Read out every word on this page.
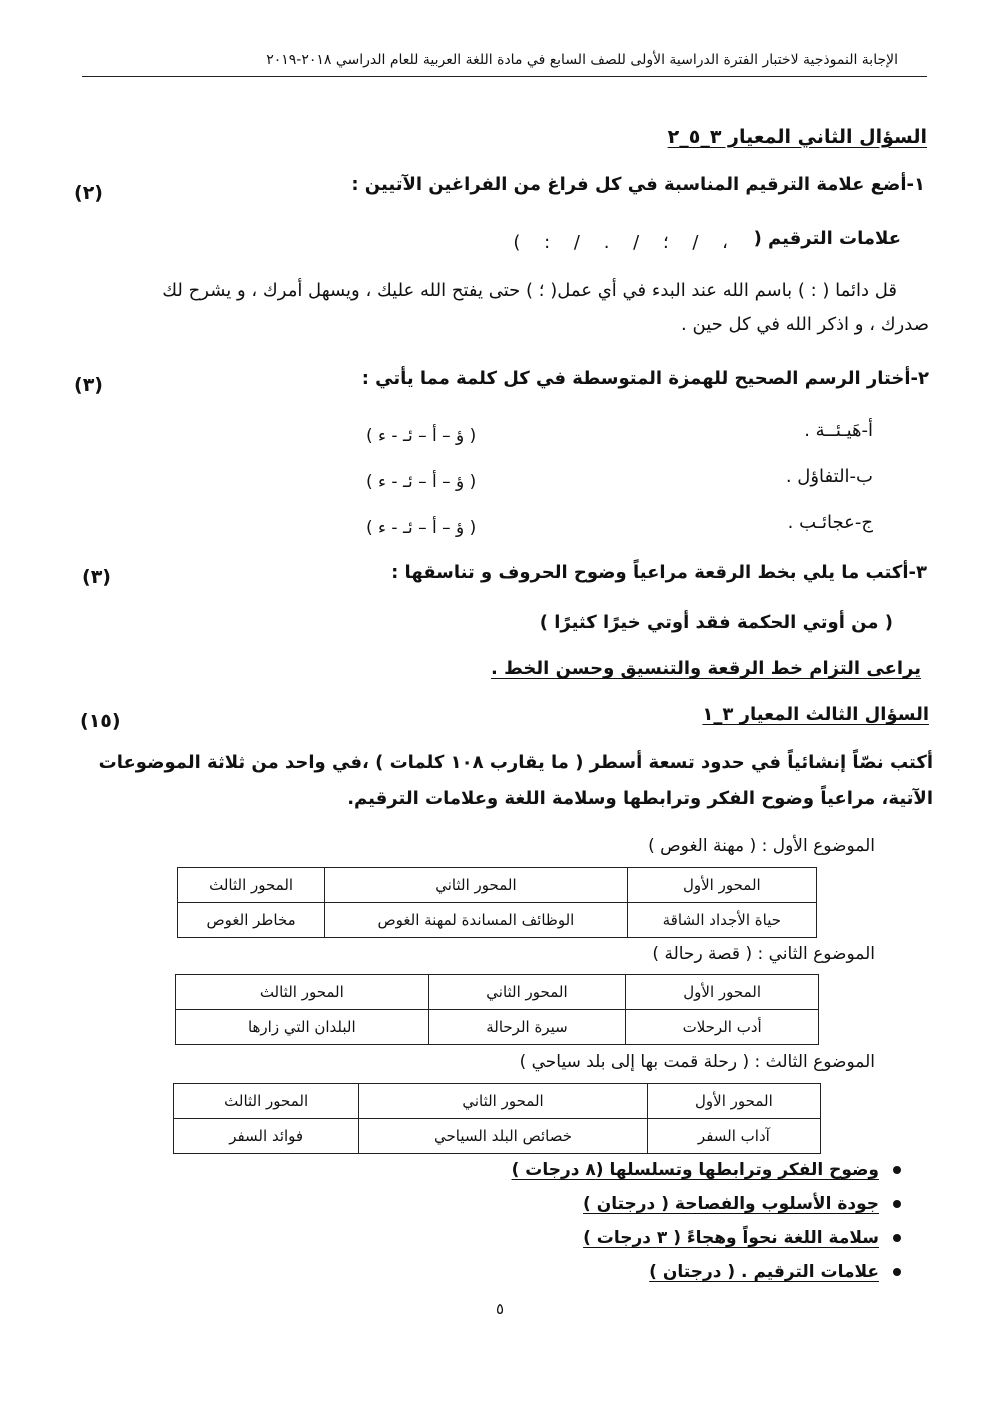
الإجابة النموذجية لاختبار الفترة الدراسية الأولى للصف السابع في مادة اللغة العربية للعام الدراسي ٢٠١٨-٢٠١٩
السؤال الثاني المعيار ٣_٥_٢
١-أضع علامة الترقيم المناسبة في كل فراغ من الفراغين الآتيين :
(٢)
علامات الترقيم (
، / ؛ / . / : )
قل دائما ( : ) باسم الله عند البدء في أي عمل( ؛ ) حتى يفتح الله عليك ، ويسهل أمرك ، و يشرح لك
صدرك ، و اذكر الله في كل حين .
٢-أختار الرسم الصحيح للهمزة المتوسطة في كل كلمة مما يأتي :
(٣)
أ-هَيـئــة .
( ؤ – أ – ئـ - ء )
ب-التفاؤل .
( ؤ – أ – ئـ - ء )
ج-عجائـب .
( ؤ – أ – ئـ - ء )
٣-أكتب ما يلي بخط الرقعة مراعياً وضوح الحروف و تناسقها :
(٣)
( من أوتي الحكمة فقد أوتي خيرًا كثيرًا )
يراعى التزام خط الرقعة والتنسيق وحسن الخط .
السؤال الثالث المعيار ٣_١
(١٥)
أكتب نصّاً إنشائياً في حدود تسعة أسطر ( ما يقارب ١٠٨ كلمات ) ،في واحد من ثلاثة الموضوعات
الآتية، مراعياً وضوح الفكر وترابطها وسلامة اللغة وعلامات الترقيم.
الموضوع الأول : ( مهنة الغوص )
المحور الأول	المحور الثاني	المحور الثالث
حياة الأجداد الشاقة	الوظائف المساندة لمهنة الغوص	مخاطر الغوص
الموضوع الثاني : ( قصة رحالة )
المحور الأول	المحور الثاني	المحور الثالث
أدب الرحلات	سيرة الرحالة	البلدان التي زارها
الموضوع الثالث : ( رحلة قمت بها إلى بلد سياحي )
المحور الأول	المحور الثاني	المحور الثالث
آداب السفر	خصائص البلد السياحي	فوائد السفر
وضوح الفكر وترابطها وتسلسلها (٨ درجات )
جودة الأسلوب والفصاحة ( درجتان )
سلامة اللغة نحواً وهجاءً ( ٣ درجات )
علامات الترقيم . ( درجتان )
٥
